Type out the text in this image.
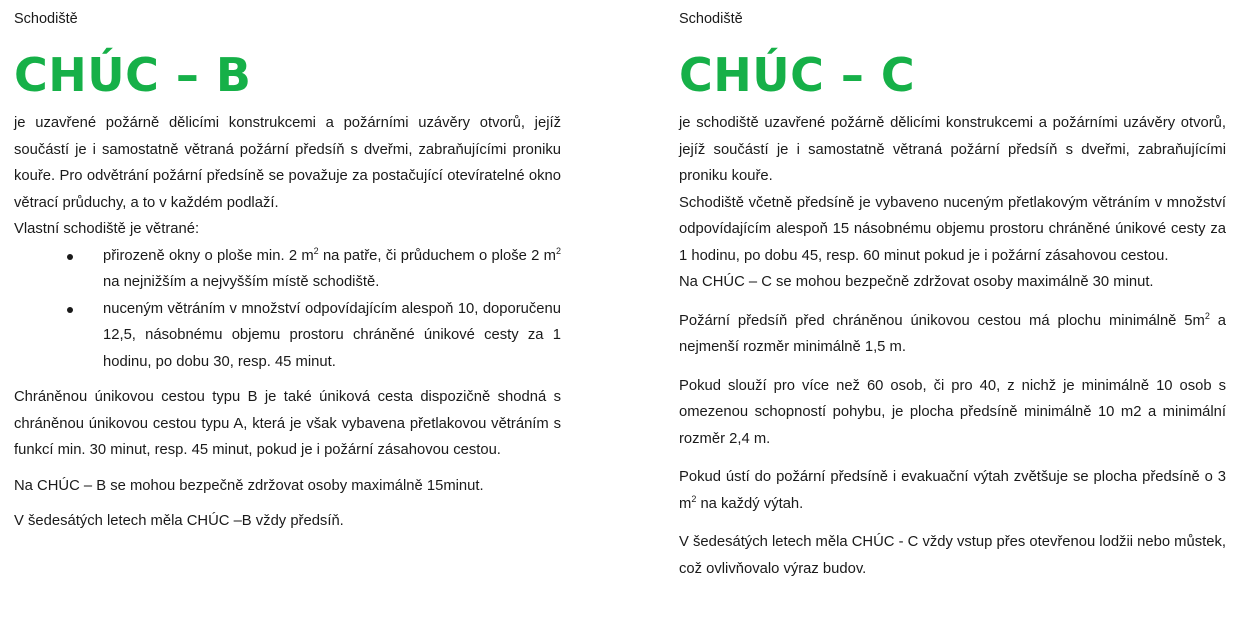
Schodiště
CHÚC – B

je uzavřené požárně dělicími konstrukcemi a požárními uzávěry otvorů, jejíž součástí je i samostatně větraná požární předsíň s dveřmi, zabraňujícími proniku kouře. Pro odvětrání požární předsíně se považuje za postačující otevíratelné okno větrací průduchy, a to v každém podlaží.

Vlastní schodiště je větrané:

přirozeně okny o ploše min. 2 $m^2$ na patře, či průduchem o ploše 2 $m^2$ na nejnižším a nejvyšším místě schodiště.
nuceným větráním v množství odpovídajícím alespoň 10, doporučenu 12,5, násobnému objemu prostoru chráněné únikové cesty za 1 hodinu, po dobu 30, resp. 45 minut.

Chráněnou únikovou cestou typu B je také úniková cesta dispozičně shodná s chráněnou únikovou cestou typu A, která je však vybavena přetlakovou větráním s funkcí min. 30 minut, resp. 45 minut, pokud je i požární zásahovou cestou.

Na CHÚC – B se mohou bezpečně zdržovat osoby maximálně 15minut.

V šedesátých letech měla CHÚC –B vždy předsíň.

Schodiště
CHÚC – C

je schodiště uzavřené požárně dělicími konstrukcemi a požárními uzávěry otvorů, jejíž součástí je i samostatně větraná požární předsíň s dveřmi, zabraňujícími proniku kouře.

Schodiště včetně předsíně je vybaveno nuceným přetlakovým větráním v množství odpovídajícím alespoň 15 násobnému objemu prostoru chráněné únikové cesty za 1 hodinu, po dobu 45, resp. 60 minut pokud je i požární zásahovou cestou.

Na CHÚC – C se mohou bezpečně zdržovat osoby maximálně 30 minut.

Požární předsíň před chráněnou únikovou cestou má plochu minimálně $5m^2$ a nejmenší rozměr minimálně 1,5 m.

Pokud slouží pro více než 60 osob, či pro 40, z nichž je minimálně 10 osob s omezenou schopností pohybu, je plocha předsíně minimálně 10 m2 a minimální rozměr 2,4 m.

Pokud ústí do požární předsíně i evakuační výtah zvětšuje se plocha předsíně o 3 $m^2$ na každý výtah.

V šedesátých letech měla CHÚC - C vždy vstup přes otevřenou lodžii nebo můstek, což ovlivňovalo výraz budov.
